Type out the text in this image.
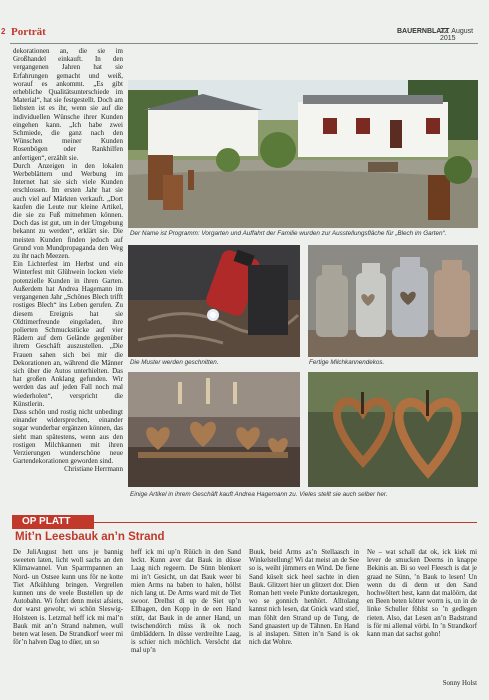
2 Porträt	BAUERNBLATT
22. August 2015

dekorationen an, die sie im Großhandel einkauft. In den vergangenen Jahren hat sie Erfahrungen gemacht und weiß, worauf es ankommt. „Es gibt erhebliche Qualitätsunterschiede im Material“, hat sie festgestellt. Doch am liebsten ist es ihr, wenn sie auf die individuellen Wünsche ihrer Kunden eingehen kann. „Ich habe zwei Schmiede, die ganz nach den Wünschen meiner Kunden Rosenbögen oder Rankhilfen anfertigen“, erzählt sie.

Durch Anzeigen in den lokalen Werbeblättern und Werbung im Internet hat sie sich viele Kunden erschlossen. Im ersten Jahr hat sie auch viel auf Märkten verkauft. „Dort kaufen die Leute nur kleine Artikel, die sie zu Fuß mitnehmen können. Doch das ist gut, um in der Umgebung bekannt zu werden“, erklärt sie. Die meisten Kunden finden jedoch auf Grund von Mundpropaganda den Weg zu ihr nach Meezen.

Ein Lichterfest im Herbst und ein Winterfest mit Glühwein locken viele potenzielle Kunden in ihren Garten. Außerdem hat Andrea Hagemann im vergangenen Jahr „Schönes Blech trifft rostiges Blech“ ins Leben gerufen. Zu diesem Ereignis hat sie Oldtimerfreunde eingeladen, ihre polierten Schmuckstücke auf vier Rädern auf dem Gelände gegenüber ihrem Geschäft auszustellen. „Die Frauen sahen sich bei mir die Dekorationen an, während die Männer sich über die Autos unterhielten. Das hat großen Anklang gefunden. Wir werden das auf jeden Fall noch mal wiederholen“, verspricht die Künstlerin.

Dass schön und rostig nicht unbedingt einander widersprechen, einander sogar wunderbar ergänzen können, das sieht man spätestens, wenn aus den rostigen Milchkannen mit ihren Verzierungen wunderschöne neue Gartendekorationen geworden sind.

Christiane Herrmann

Der Name ist Programm: Vorgarten und Auffahrt der Familie wurden zur Ausstellungsfläche für „Blech im Garten“.
Die Muster werden geschnitten.	Fertige Milchkannendekos.
Einige Artikel in ihrem Geschäft kauft Andrea Hagemann zu. Vieles stellt sie auch selber her.
OP PLATT
Mit’n Leesbauk an’n Strand
De JuliAugust hett uns je bannig sweeten laten, licht woll sachs an den Klimawannel. Vun Sparrmpannen an Nord- un Ostsee kunn uns för ne kotte Tiet Afkühlung bringen. Vergrellen kunnen uns de veele Bustellen up de Autobahn. Wi fohrt denn meist afsiets, dor warst gewohr, wi schön Sleswig-Holsteen is. Letzmal heff ick mi mal’n Bauk mit an’n Strand nahmen, wull beten wat lesen. De Strandkorf weer mi för’n halven Dag to düer, un so
heff ick mi up’n Rüüch in den Sand leckt. Kunn aver dat Bauk in düsse Laag nich regeern. De Sünn blenkert mi in’t Gesicht, un dat Bauk weer bi mien Arms na baben to halen, höllst nich lang ut. De Arms ward mit de Tiet swoor. Drelhst di up de Siet up’n Ellbagen, den Kopp in de een Hand stütt, dat Bauk in de anner Hand, un twischendörch müss ik ok noch ümbläddern. In düsse verdreihte Laag, is schier nich möchlich. Versöcht dat mal up’n
Buuk, beid Arms as’n Stellaasch in Winkelstellung! Wi dat meist an de See so is, weiht jümmers en Wind. De fiene Sand küselt sick heel sachte in dien Bauk. Glitzert hier un glitzert dor. Dien Roman hett veele Punkte dortaukregen, wo se gonnich henhört. Alltolang kannst nich lesen, dat Gnick ward stief, man föhlt den Strand up de Tung, de Sand gnaastert up de Tähnen. En Hand is al inslapen. Sitten in’n Sand is ok nich dat Wohre.
Ne – wat schall dat ok, ick kiek mi lever de smucken Deerns in knappe Bekinis an. Bi so veel Fleesch is dat je graad ne Sünn, ’n Bauk to lesen! Un wenn du di denn ut den Sand hochwöltert hest, kann dat malöörn, dat en Been beten kötter worrn is, un in de linke Schuller föhlst so ’n gedlegen rieten. Also, dat Lesen an’n Badstrand is för mi allemal vörbi. In ’n Strandkorf kann man dat sachst gohn!
Sonny Holst
